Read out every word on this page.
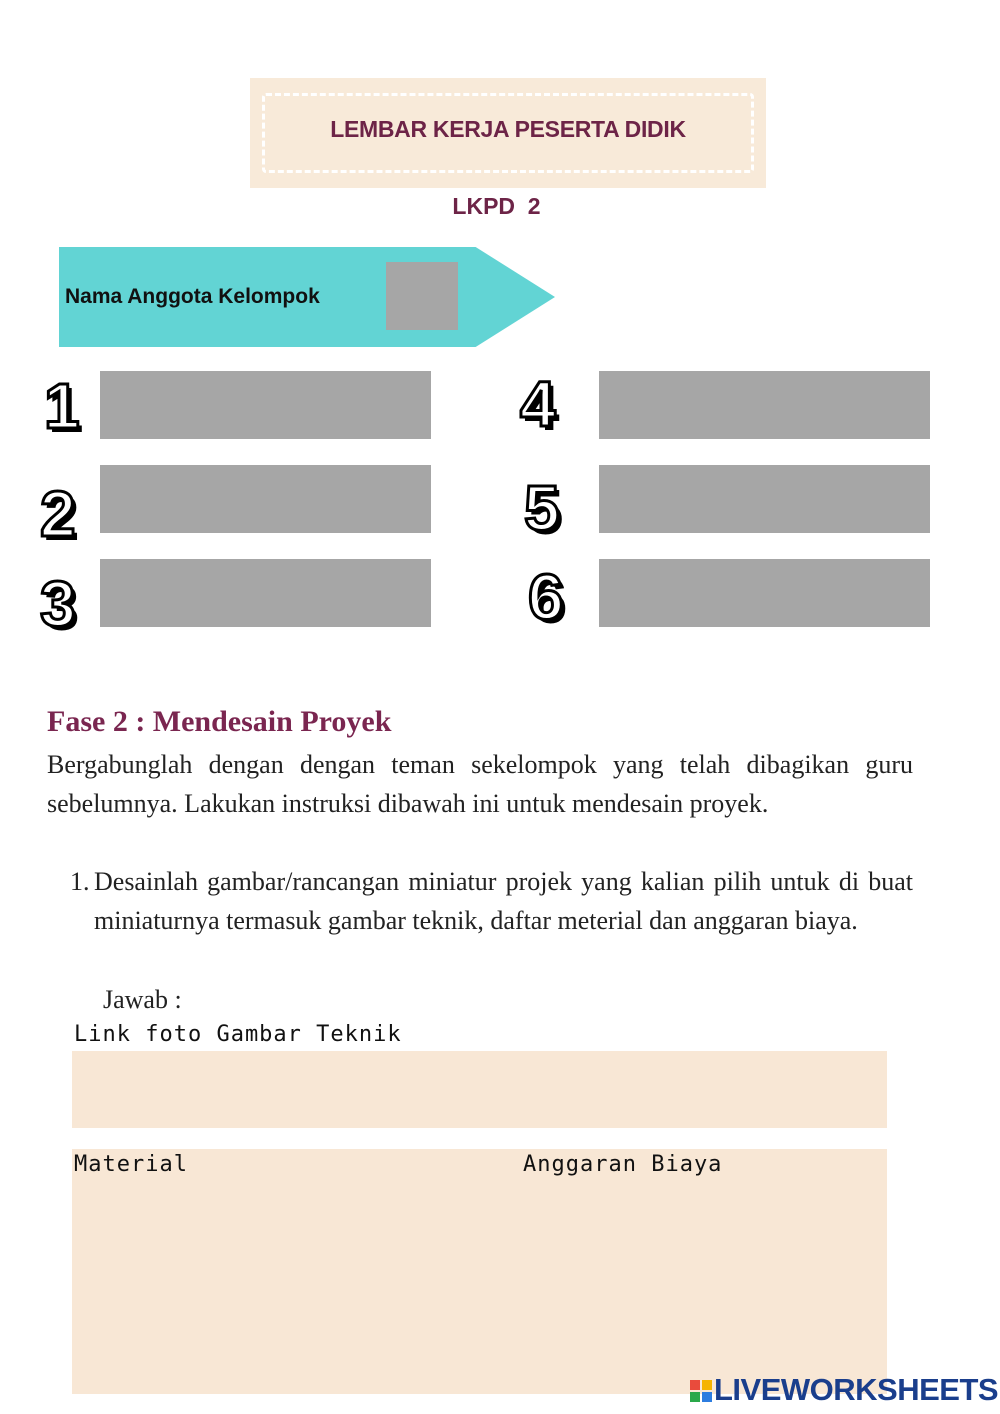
LEMBAR KERJA PESERTA DIDIK
LKPD  2
Nama Anggota Kelompok
1
2
3
4
5
6
Fase 2 : Mendesain Proyek
Bergabunglah dengan dengan teman sekelompok yang telah dibagikan guru sebelumnya. Lakukan instruksi dibawah ini untuk mendesain proyek.
1. Desainlah gambar/rancangan miniatur projek yang kalian pilih untuk di buat miniaturnya termasuk gambar teknik, daftar meterial dan anggaran biaya.
Jawab :
Link foto Gambar Teknik
Material	Anggaran Biaya
LIVEWORKSHEETS
